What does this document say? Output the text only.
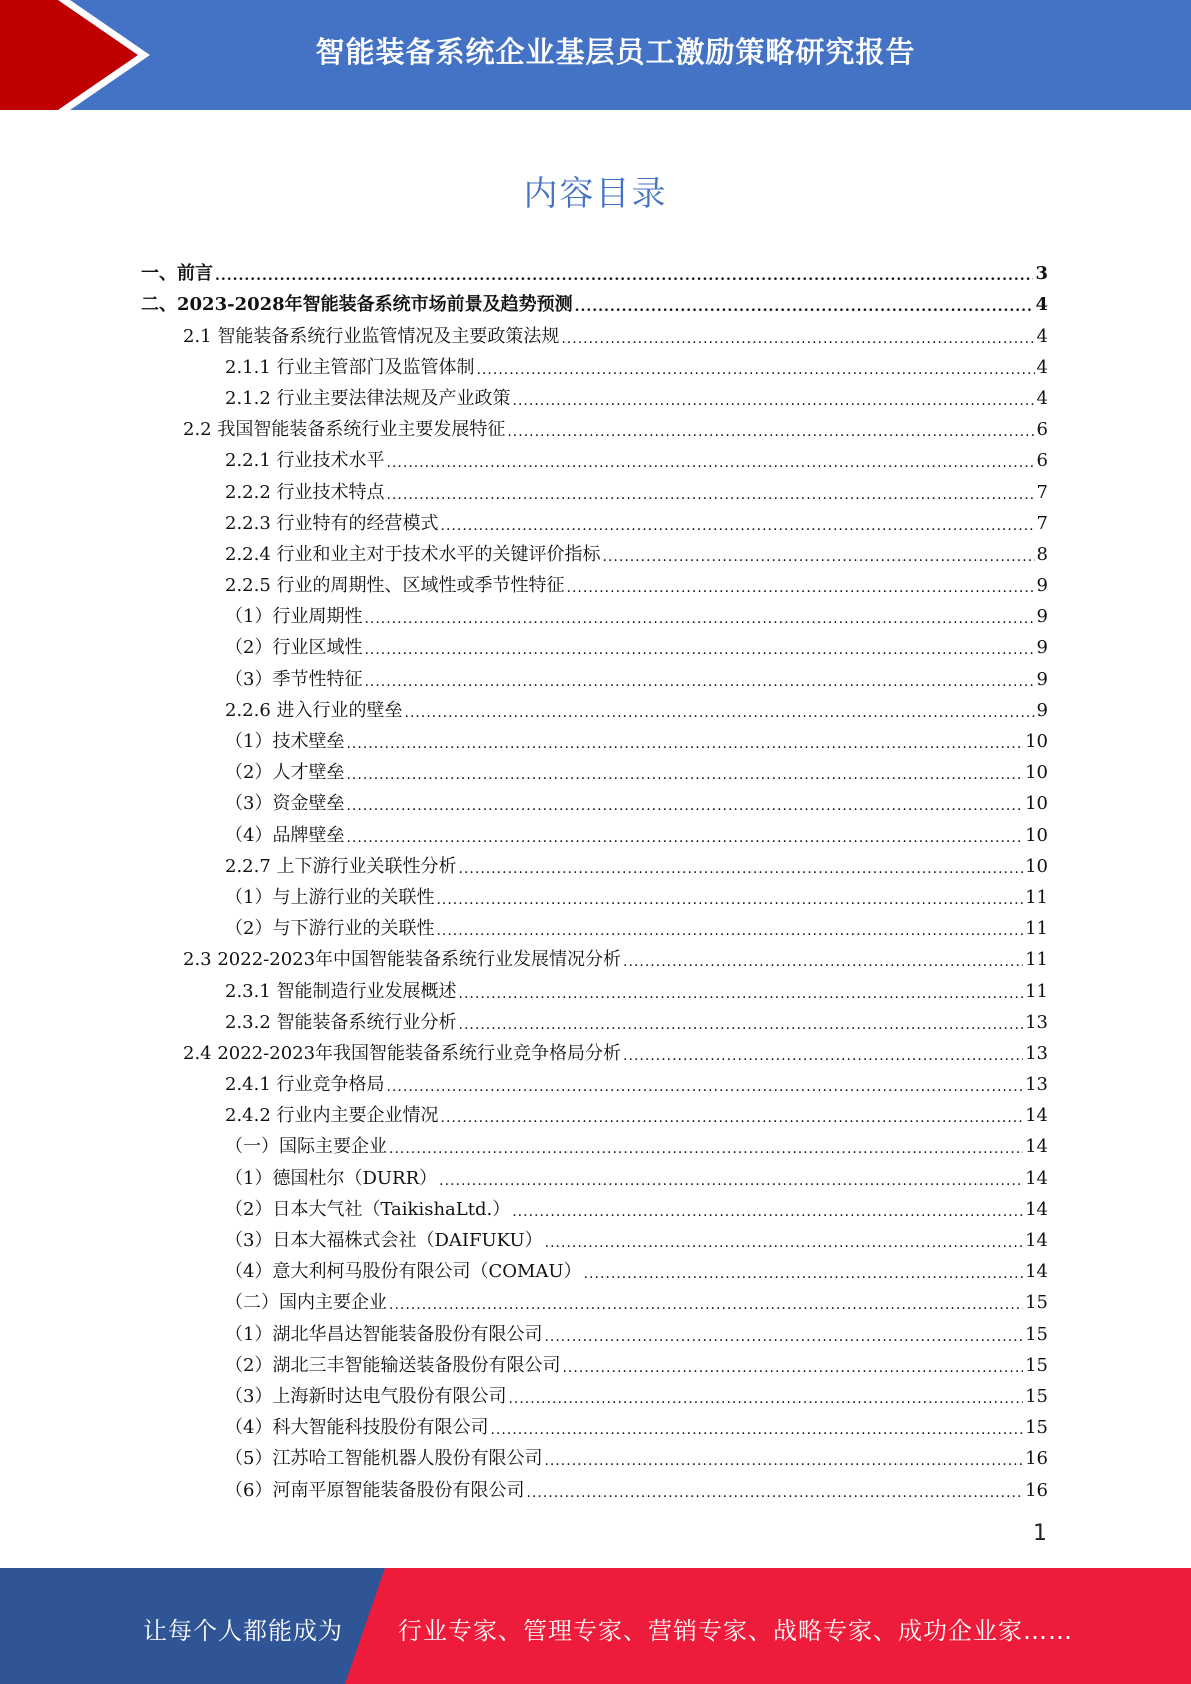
智能装备系统企业基层员工激励策略研究报告
内容目录
一、前言 .....	3
二、2023-2028年智能装备系统市场前景及趋势预测 .....	4
2.1 智能装备系统行业监管情况及主要政策法规 .....	4
2.1.1 行业主管部门及监管体制 .....	4
2.1.2 行业主要法律法规及产业政策 .....	4
2.2 我国智能装备系统行业主要发展特征 .....	6
2.2.1 行业技术水平 .....	6
2.2.2 行业技术特点 .....	7
2.2.3 行业特有的经营模式 .....	7
2.2.4 行业和业主对于技术水平的关键评价指标 .....	8
2.2.5 行业的周期性、区域性或季节性特征 .....	9
（1）行业周期性 .....	9
（2）行业区域性 .....	9
（3）季节性特征 .....	9
2.2.6 进入行业的壁垒 .....	9
（1）技术壁垒 .....	10
（2）人才壁垒 .....	10
（3）资金壁垒 .....	10
（4）品牌壁垒 .....	10
2.2.7 上下游行业关联性分析 .....	10
（1）与上游行业的关联性 .....	11
（2）与下游行业的关联性 .....	11
2.3 2022-2023年中国智能装备系统行业发展情况分析 .....	11
2.3.1 智能制造行业发展概述 .....	11
2.3.2 智能装备系统行业分析 .....	13
2.4 2022-2023年我国智能装备系统行业竞争格局分析 .....	13
2.4.1 行业竞争格局 .....	13
2.4.2 行业内主要企业情况 .....	14
（一）国际主要企业 .....	14
（1）德国杜尔（DURR） .....	14
（2）日本大气社（TaikishaLtd.） .....	14
（3）日本大福株式会社（DAIFUKU） .....	14
（4）意大利柯马股份有限公司（COMAU） .....	14
（二）国内主要企业 .....	15
（1）湖北华昌达智能装备股份有限公司 .....	15
（2）湖北三丰智能输送装备股份有限公司 .....	15
（3）上海新时达电气股份有限公司 .....	15
（4）科大智能科技股份有限公司 .....	15
（5）江苏哈工智能机器人股份有限公司 .....	16
（6）河南平原智能装备股份有限公司 .....	16
1
让每个人都能成为 行业专家、管理专家、营销专家、战略专家、成功企业家……
